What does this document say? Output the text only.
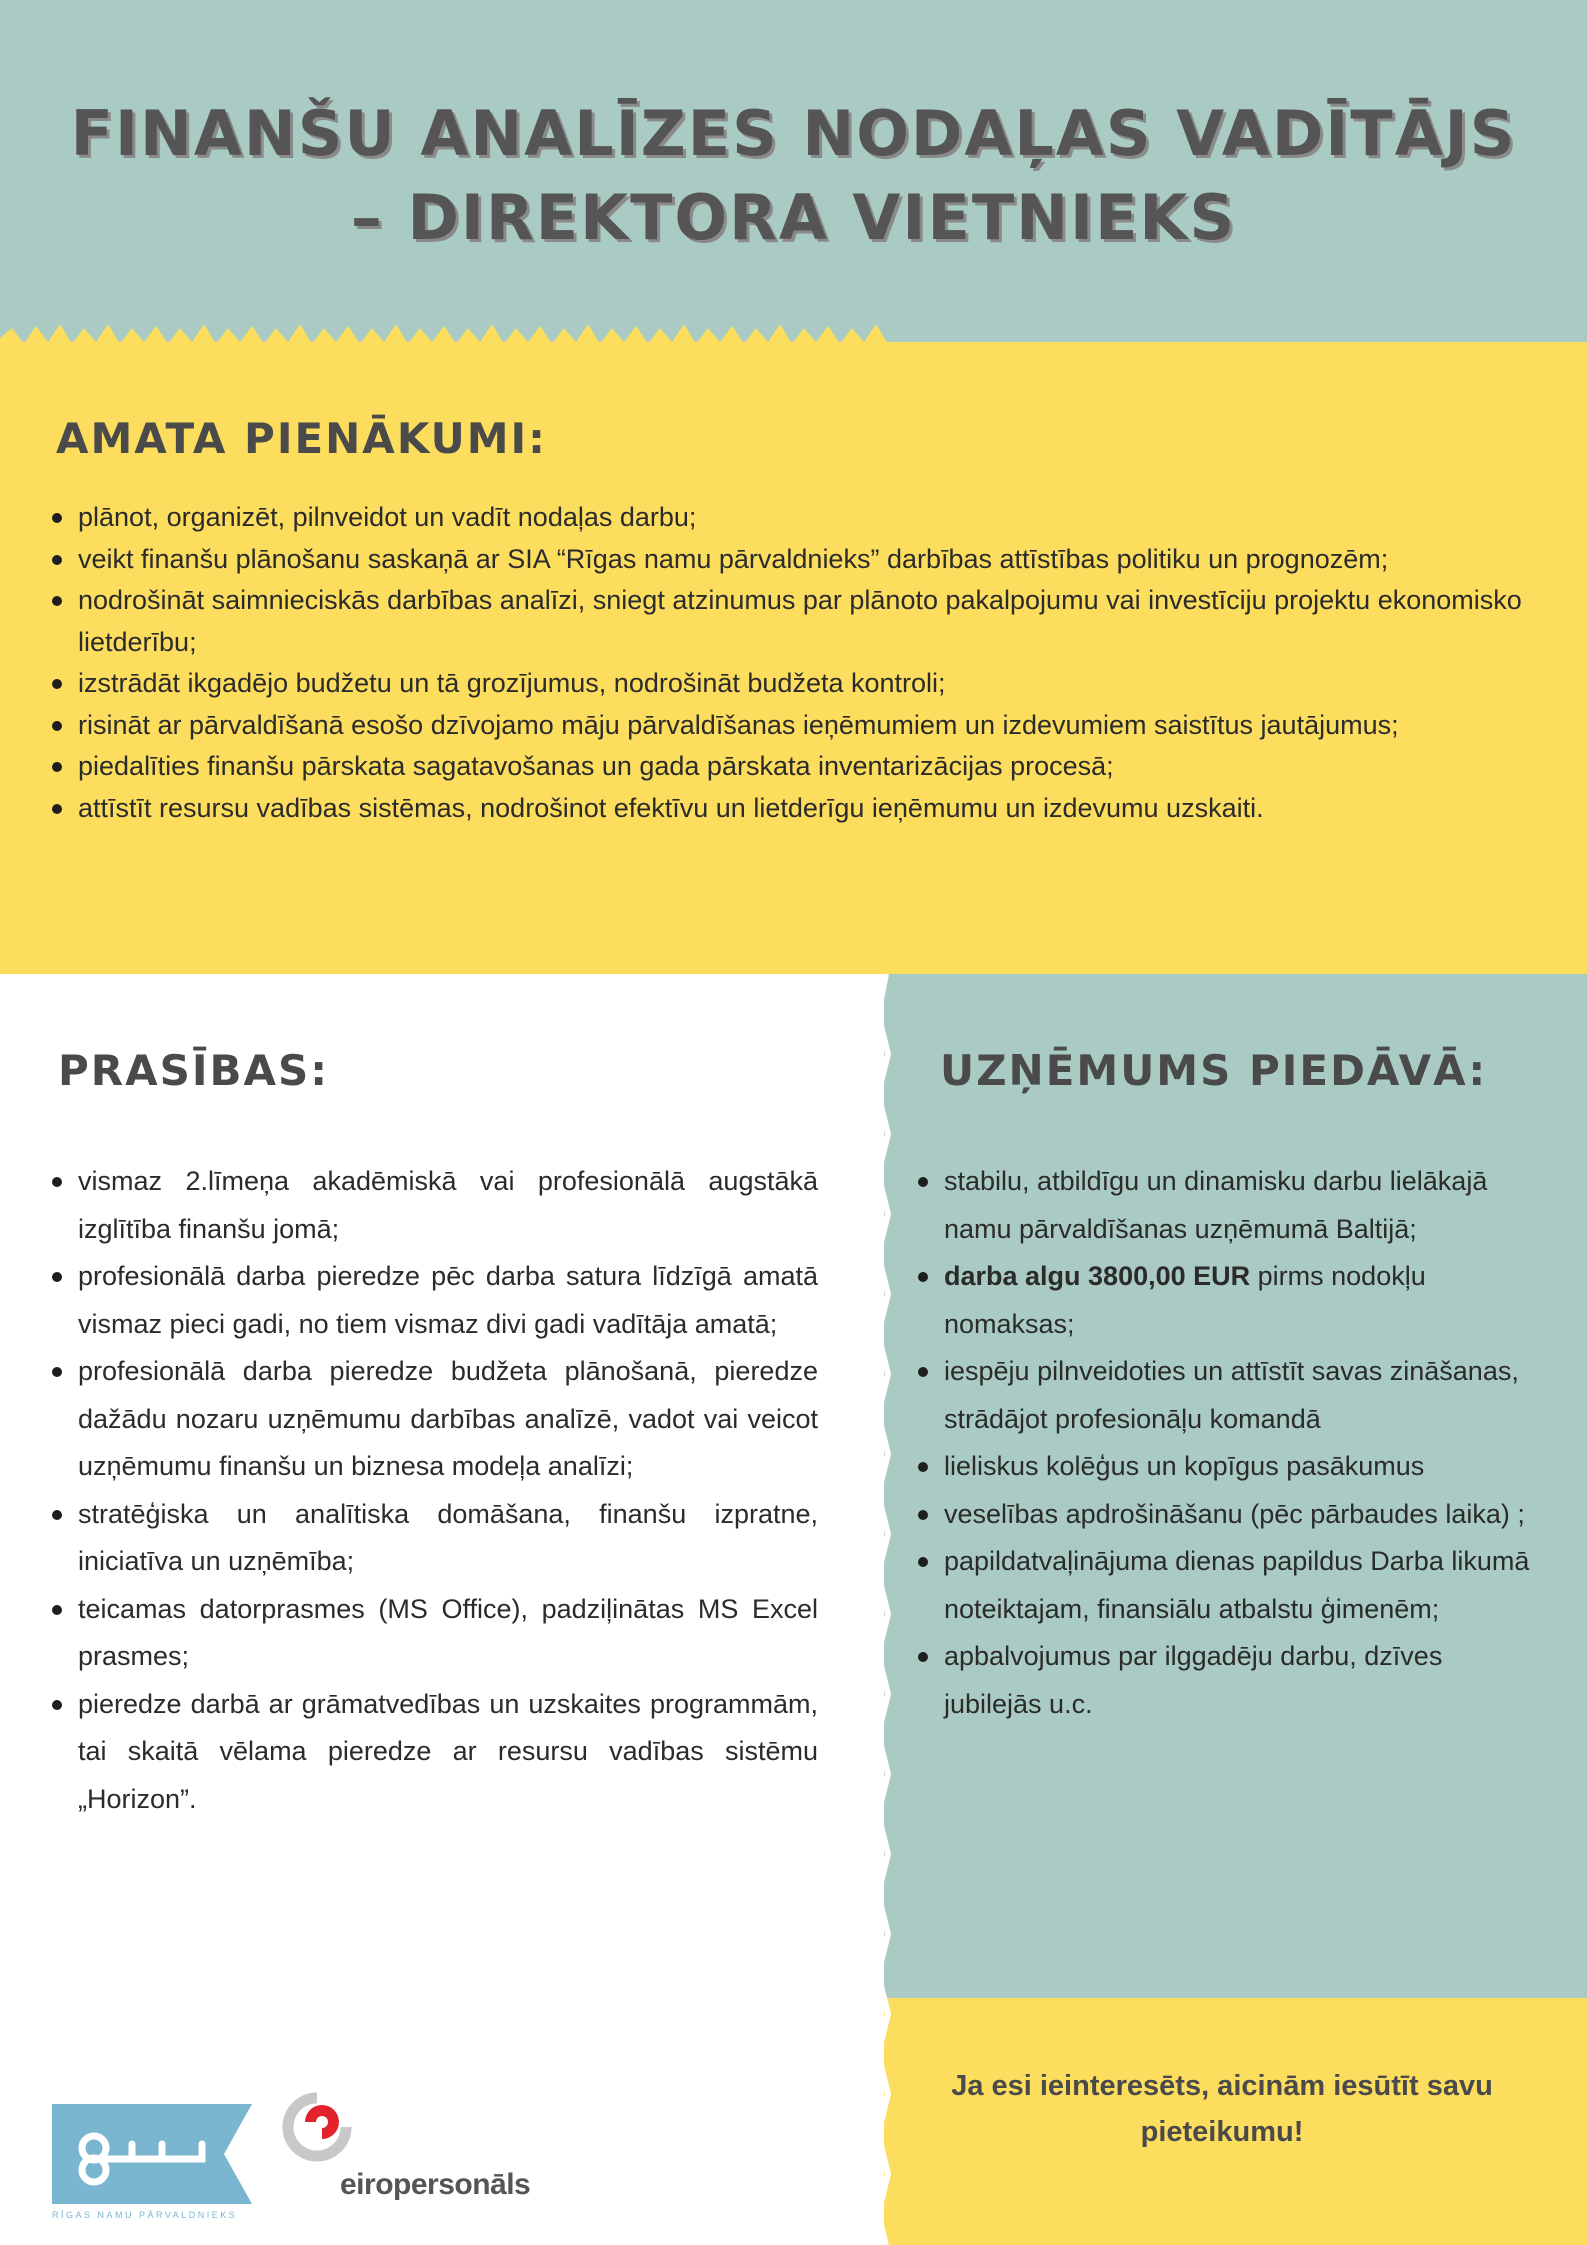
FINANŠU ANALĪZES NODAĻAS VADĪTĀJS
– DIREKTORA VIETNIEKS
AMATA PIENĀKUMI:
plānot, organizēt, pilnveidot un vadīt nodaļas darbu;
veikt finanšu plānošanu saskaņā ar SIA “Rīgas namu pārvaldnieks” darbības attīstības politiku un prognozēm;
nodrošināt saimnieciskās darbības analīzi, sniegt atzinumus par plānoto pakalpojumu vai investīciju projektu ekonomisko lietderību;
izstrādāt ikgadējo budžetu un tā grozījumus, nodrošināt budžeta kontroli;
risināt ar pārvaldīšanā esošo dzīvojamo māju pārvaldīšanas ieņēmumiem un izdevumiem saistītus jautājumus;
piedalīties finanšu pārskata sagatavošanas un gada pārskata inventarizācijas procesā;
attīstīt resursu vadības sistēmas, nodrošinot efektīvu un lietderīgu ieņēmumu un izdevumu uzskaiti.
PRASĪBAS:
vismaz 2.līmeņa akadēmiskā vai profesionālā augstākā izglītība finanšu jomā;
profesionālā darba pieredze pēc darba satura līdzīgā amatā vismaz pieci gadi, no tiem vismaz divi gadi vadītāja amatā;
profesionālā darba pieredze budžeta plānošanā, pieredze dažādu nozaru uzņēmumu darbības analīzē, vadot vai veicot uzņēmumu finanšu un biznesa modeļa analīzi;
stratēģiska un analītiska domāšana, finanšu izpratne, iniciatīva un uzņēmība;
teicamas datorprasmes (MS Office), padziļinātas MS Excel prasmes;
pieredze darbā ar grāmatvedības un uzskaites programmām, tai skaitā vēlama pieredze ar resursu vadības sistēmu „Horizon”.
UZŅĒMUMS PIEDĀVĀ:
stabilu, atbildīgu un dinamisku darbu lielākajā namu pārvaldīšanas uzņēmumā Baltijā;
darba algu 3800,00 EUR pirms nodokļu nomaksas;
iespēju pilnveidoties un attīstīt savas zināšanas, strādājot profesionāļu komandā
lieliskus kolēģus un kopīgus pasākumus
veselības apdrošināšanu (pēc pārbaudes laika) ;
papildatvaļinājuma dienas papildus Darba likumā noteiktajam, finansiālu atbalstu ģimenēm;
apbalvojumus par ilggadēju darbu, dzīves jubilejās u.c.

Ja esi ieinteresēts, aicinām iesūtīt savu pieteikumu!

RĪGAS NAMU PĀRVALDNIEKS
eiropersonāls
